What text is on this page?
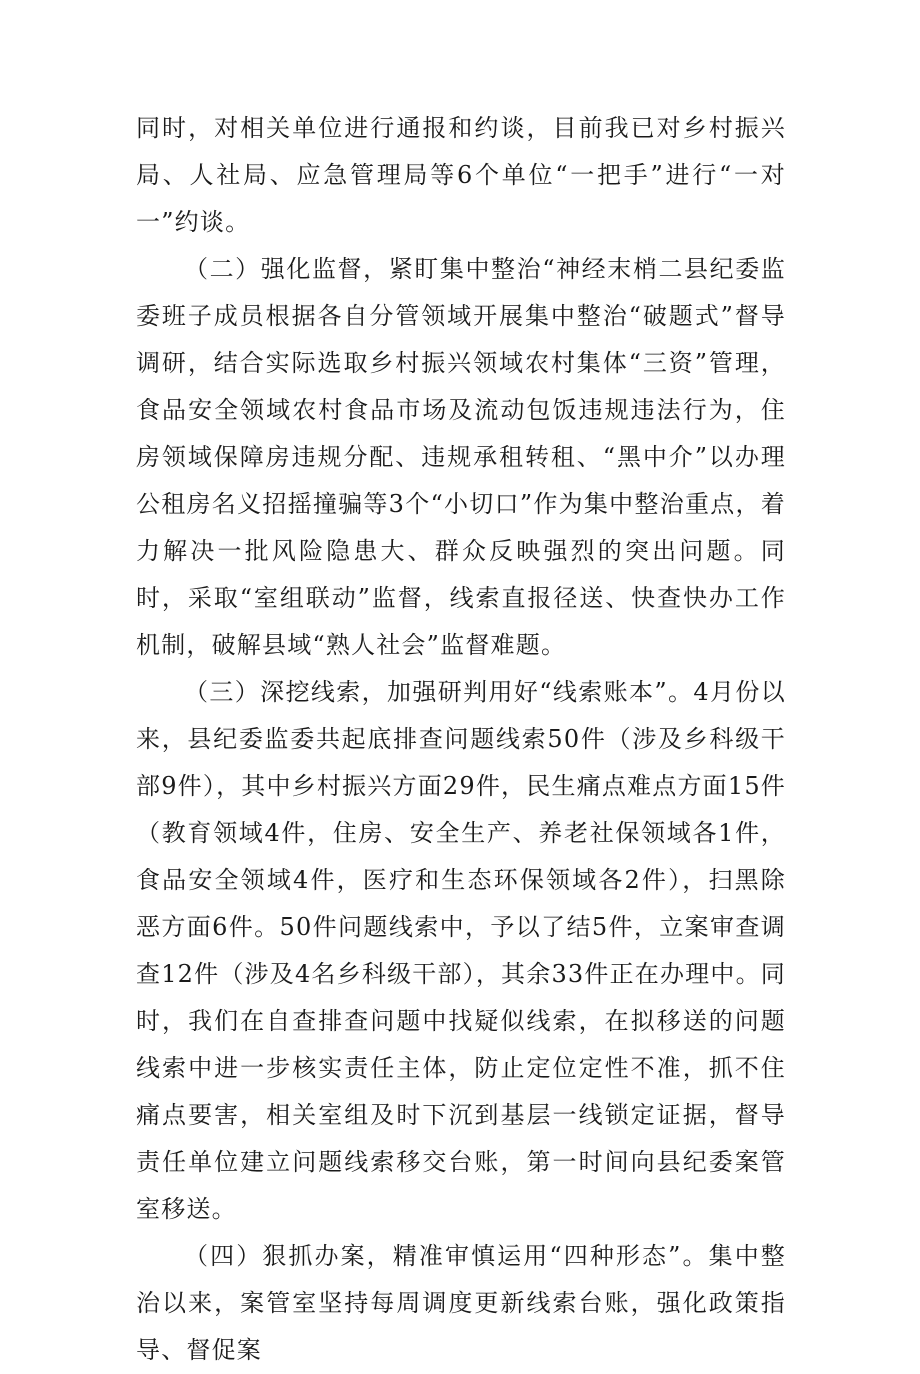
同时，对相关单位进行通报和约谈，目前我已对乡村振兴局、人社局、应急管理局等6个单位“一把手”进行“一对一”约谈。

（二）强化监督，紧盯集中整治“神经末梢二县纪委监委班子成员根据各自分管领域开展集中整治“破题式”督导调研，结合实际选取乡村振兴领域农村集体“三资”管理，食品安全领域农村食品市场及流动包饭违规违法行为，住房领域保障房违规分配、违规承租转租、“黑中介”以办理公租房名义招摇撞骗等3个“小切口”作为集中整治重点，着力解决一批风险隐患大、群众反映强烈的突出问题。同时，采取“室组联动”监督，线索直报径送、快查快办工作机制，破解县域“熟人社会”监督难题。

（三）深挖线索，加强研判用好“线索账本”。4月份以来，县纪委监委共起底排查问题线索50件（涉及乡科级干部9件），其中乡村振兴方面29件，民生痛点难点方面15件（教育领域4件，住房、安全生产、养老社保领域各1件，食品安全领域4件，医疗和生态环保领域各2件），扫黑除恶方面6件。50件问题线索中，予以了结5件，立案审查调查12件（涉及4名乡科级干部），其余33件正在办理中。同时，我们在自查排查问题中找疑似线索，在拟移送的问题线索中进一步核实责任主体，防止定位定性不准，抓不住痛点要害，相关室组及时下沉到基层一线锁定证据，督导责任单位建立问题线索移交台账，第一时间向县纪委案管室移送。

（四）狠抓办案，精准审慎运用“四种形态”。集中整治以来，案管室坚持每周调度更新线索台账，强化政策指导、督促案
